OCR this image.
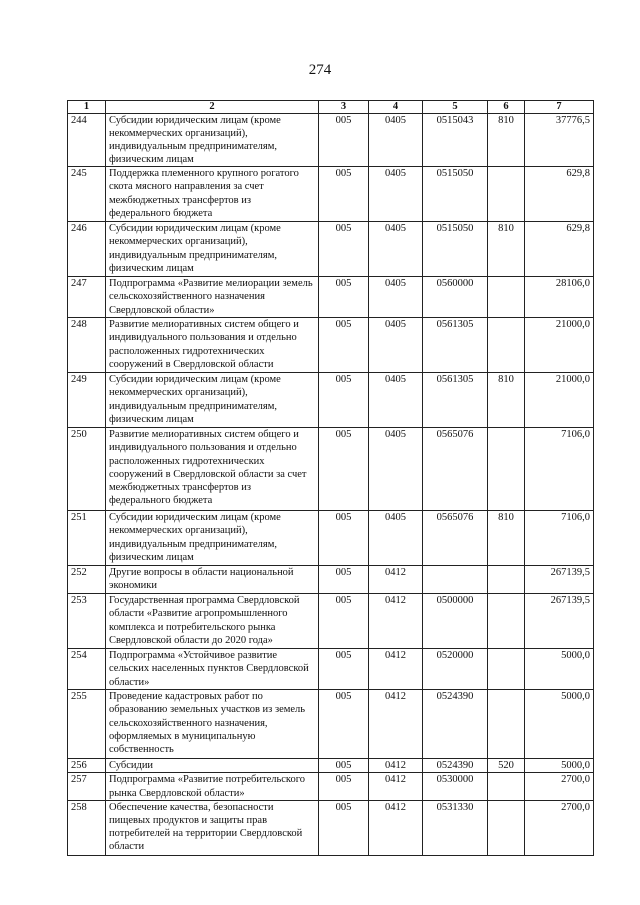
274
1	2	3	4	5	6	7
244	Субсидии юридическим лицам (кроме некоммерческих организаций), индивидуальным предпринимателям, физическим лицам	005	0405	0515043	810	37776,5
245	Поддержка племенного крупного рогатого скота мясного направления за счет межбюджетных трансфертов из федерального бюджета	005	0405	0515050		629,8
246	Субсидии юридическим лицам (кроме некоммерческих организаций), индивидуальным предпринимателям, физическим лицам	005	0405	0515050	810	629,8
247	Подпрограмма «Развитие мелиорации земель сельскохозяйственного назначения Свердловской области»	005	0405	0560000		28106,0
248	Развитие мелиоративных систем общего и индивидуального пользования и отдельно расположенных гидротехнических сооружений в Свердловской области	005	0405	0561305		21000,0
249	Субсидии юридическим лицам (кроме некоммерческих организаций), индивидуальным предпринимателям, физическим лицам	005	0405	0561305	810	21000,0
250	Развитие мелиоративных систем общего и индивидуального пользования и отдельно расположенных гидротехнических сооружений в Свердловской области за счет межбюджетных трансфертов из федерального бюджета	005	0405	0565076		7106,0
251	Субсидии юридическим лицам (кроме некоммерческих организаций), индивидуальным предпринимателям, физическим лицам	005	0405	0565076	810	7106,0
252	Другие вопросы в области национальной экономики	005	0412			267139,5
253	Государственная программа Свердловской области «Развитие агропромышленного комплекса и потребительского рынка Свердловской области до 2020 года»	005	0412	0500000		267139,5
254	Подпрограмма «Устойчивое развитие сельских населенных пунктов Свердловской области»	005	0412	0520000		5000,0
255	Проведение кадастровых работ по образованию земельных участков из земель сельскохозяйственного назначения, оформляемых в муниципальную собственность	005	0412	0524390		5000,0
256	Субсидии	005	0412	0524390	520	5000,0
257	Подпрограмма «Развитие потребительского рынка Свердловской области»	005	0412	0530000		2700,0
258	Обеспечение качества, безопасности пищевых продуктов и защиты прав потребителей на территории Свердловской области	005	0412	0531330		2700,0
